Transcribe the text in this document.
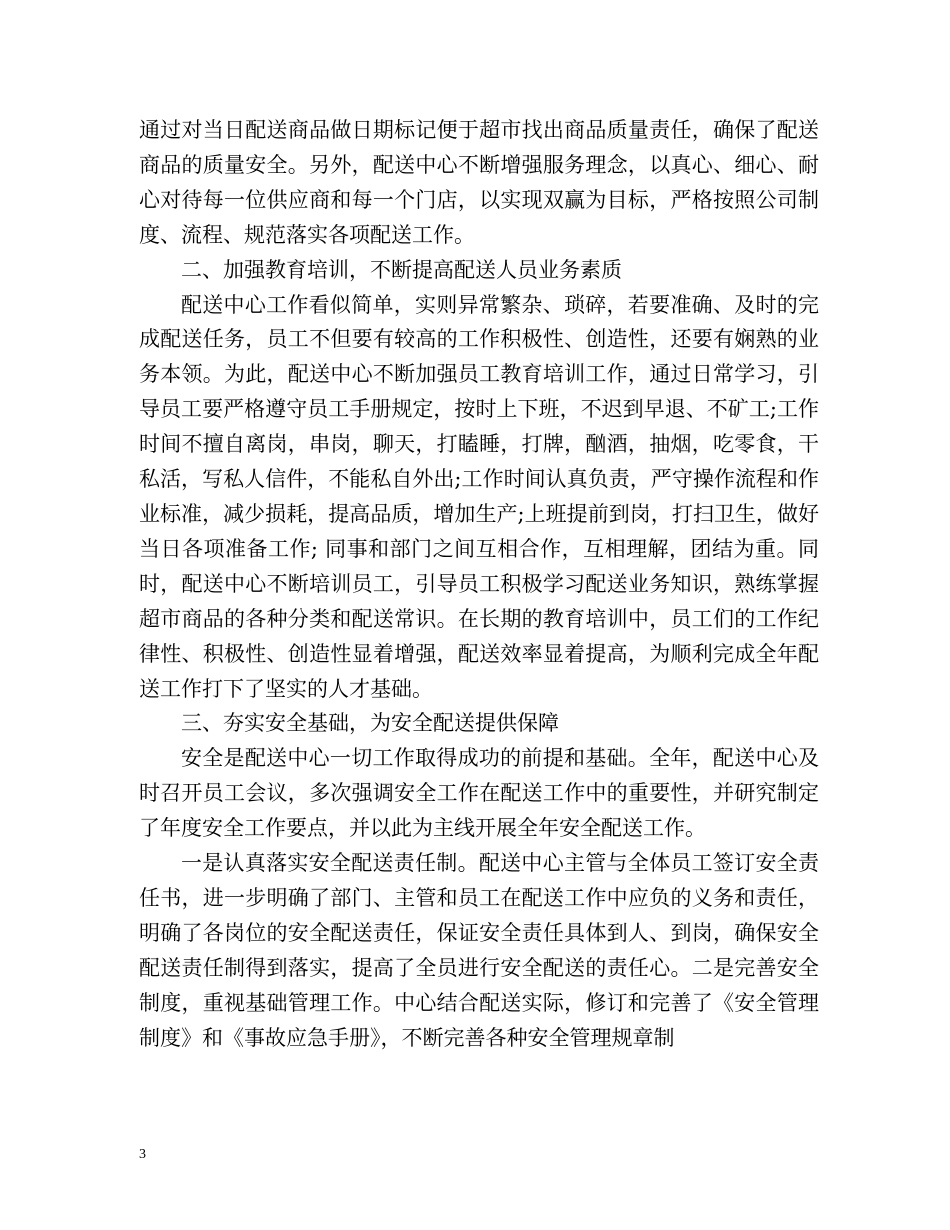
通过对当日配送商品做日期标记便于超市找出商品质量责任，确保了配送商品的质量安全。另外，配送中心不断增强服务理念，以真心、细心、耐心对待每一位供应商和每一个门店，以实现双赢为目标，严格按照公司制度、流程、规范落实各项配送工作。

二、加强教育培训，不断提高配送人员业务素质

配送中心工作看似简单，实则异常繁杂、琐碎，若要准确、及时的完成配送任务，员工不但要有较高的工作积极性、创造性，还要有娴熟的业务本领。为此，配送中心不断加强员工教育培训工作，通过日常学习，引导员工要严格遵守员工手册规定，按时上下班，不迟到早退、不矿工;工作时间不擅自离岗，串岗，聊天，打瞌睡，打牌，酗酒，抽烟，吃零食，干私活，写私人信件，不能私自外出;工作时间认真负责，严守操作流程和作业标准，减少损耗，提高品质，增加生产;上班提前到岗，打扫卫生，做好当日各项准备工作; 同事和部门之间互相合作，互相理解，团结为重。同时，配送中心不断培训员工，引导员工积极学习配送业务知识，熟练掌握超市商品的各种分类和配送常识。在长期的教育培训中，员工们的工作纪律性、积极性、创造性显着增强，配送效率显着提高，为顺利完成全年配送工作打下了坚实的人才基础。

三、夯实安全基础，为安全配送提供保障

安全是配送中心一切工作取得成功的前提和基础。全年，配送中心及时召开员工会议，多次强调安全工作在配送工作中的重要性，并研究制定了年度安全工作要点，并以此为主线开展全年安全配送工作。

一是认真落实安全配送责任制。配送中心主管与全体员工签订安全责任书，进一步明确了部门、主管和员工在配送工作中应负的义务和责任，明确了各岗位的安全配送责任，保证安全责任具体到人、到岗，确保安全配送责任制得到落实，提高了全员进行安全配送的责任心。二是完善安全制度，重视基础管理工作。中心结合配送实际，修订和完善了《安全管理制度》和《事故应急手册》，不断完善各种安全管理规章制

3
